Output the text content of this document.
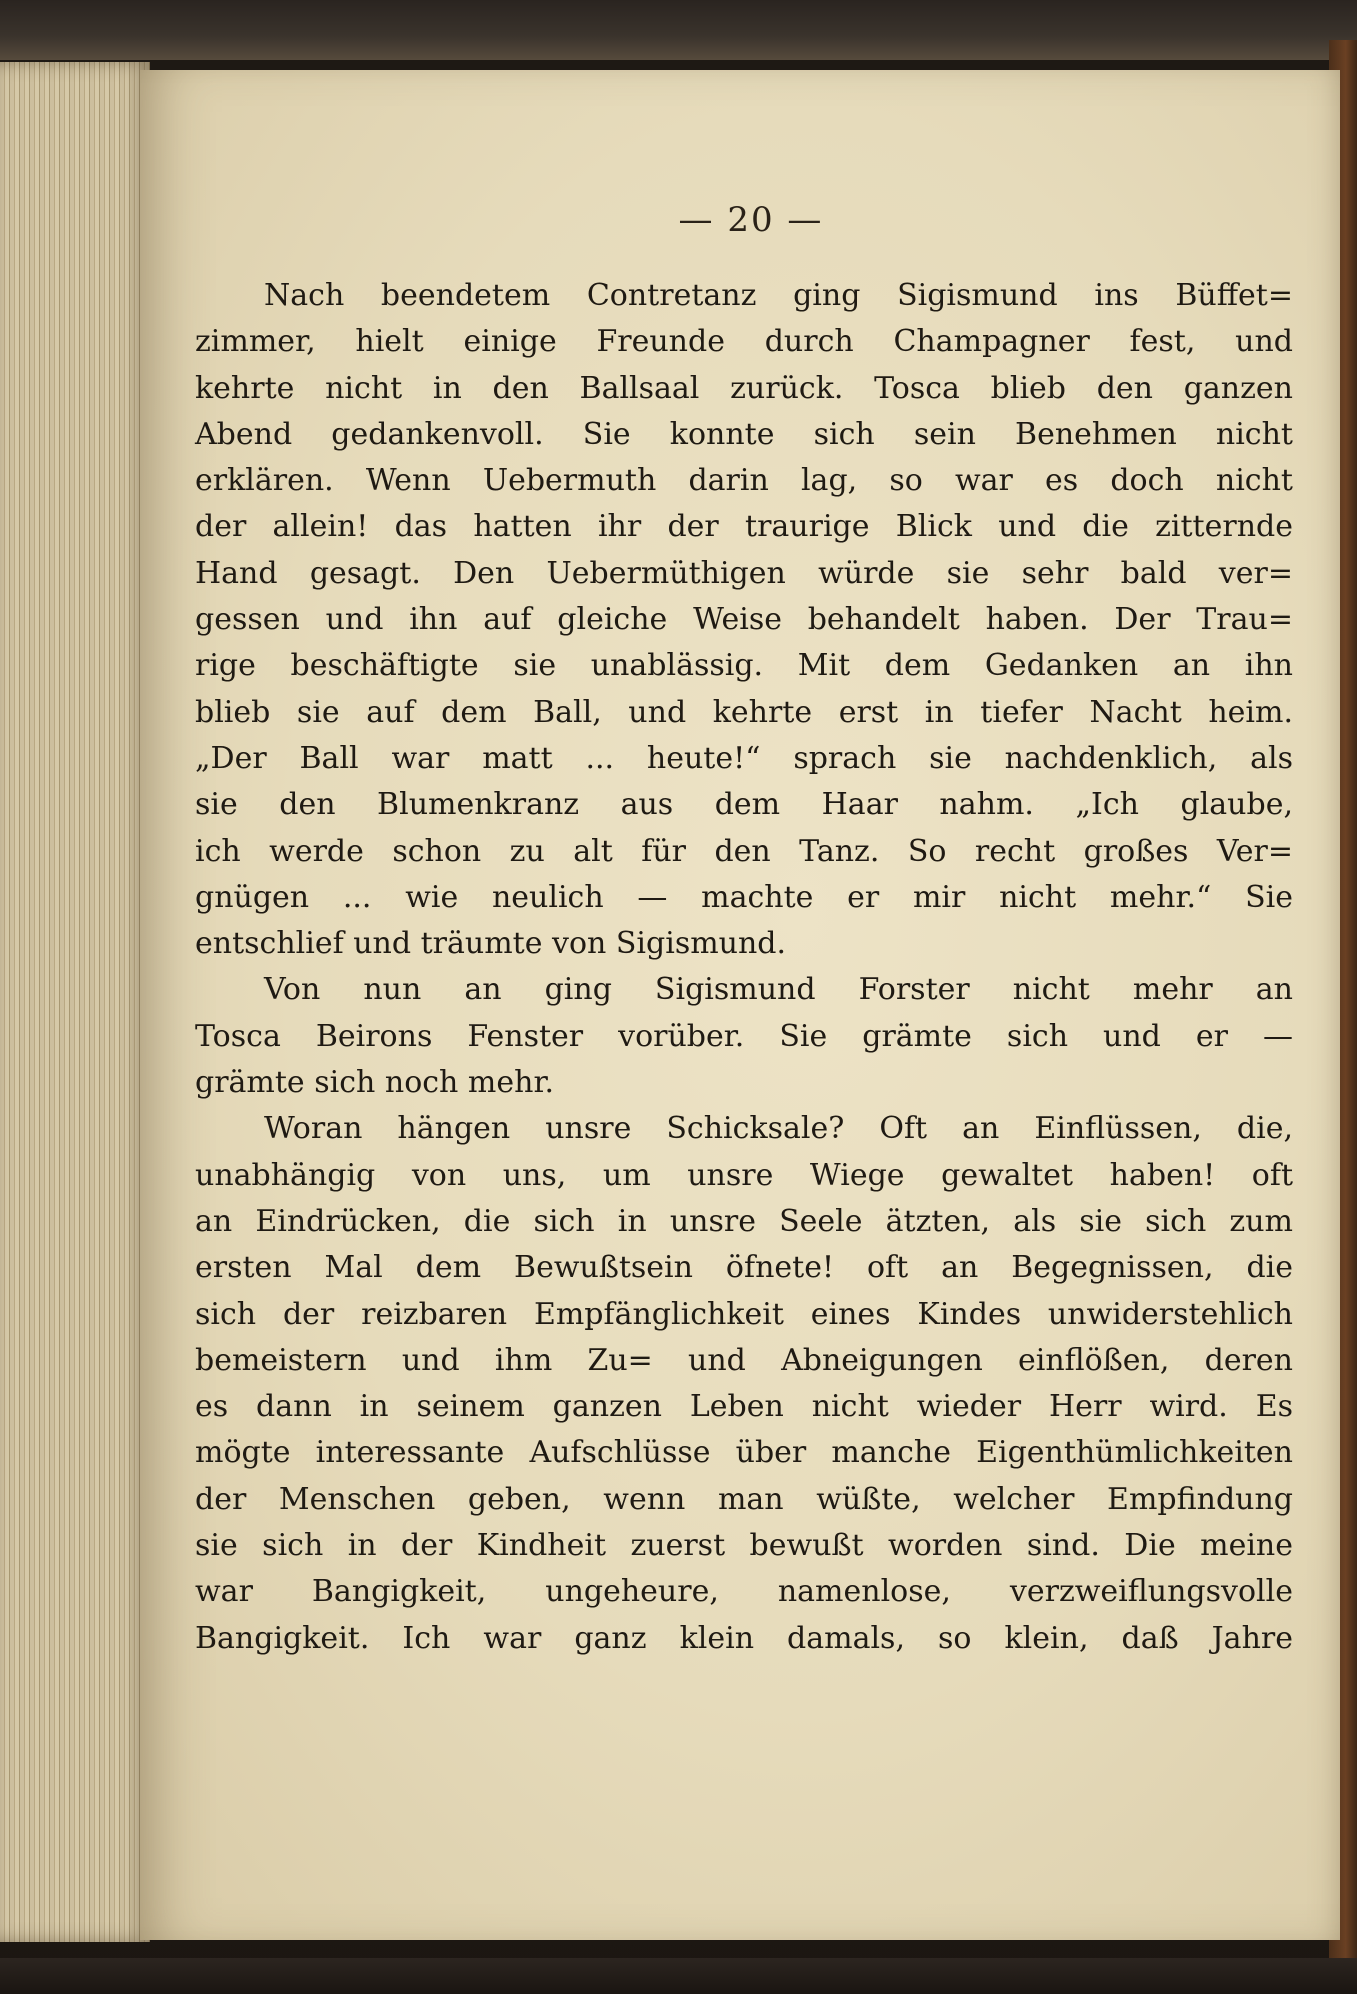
— 20 —
Nach beendetem Contretanz ging Sigismund ins Büffet=
zimmer, hielt einige Freunde durch Champagner fest, und
kehrte nicht in den Ballsaal zurück. Tosca blieb den ganzen
Abend gedankenvoll. Sie konnte sich sein Benehmen nicht
erklären. Wenn Uebermuth darin lag, so war es doch nicht
der allein! das hatten ihr der traurige Blick und die zitternde
Hand gesagt. Den Uebermüthigen würde sie sehr bald ver=
gessen und ihn auf gleiche Weise behandelt haben. Der Trau=
rige beschäftigte sie unablässig. Mit dem Gedanken an ihn
blieb sie auf dem Ball, und kehrte erst in tiefer Nacht heim.
„Der Ball war matt ... heute!“ sprach sie nachdenklich, als
sie den Blumenkranz aus dem Haar nahm. „Ich glaube,
ich werde schon zu alt für den Tanz. So recht großes Ver=
gnügen ... wie neulich — machte er mir nicht mehr.“ Sie
entschlief und träumte von Sigismund.
Von nun an ging Sigismund Forster nicht mehr an
Tosca Beirons Fenster vorüber. Sie grämte sich und er —
grämte sich noch mehr.
Woran hängen unsre Schicksale? Oft an Einflüssen, die,
unabhängig von uns, um unsre Wiege gewaltet haben! oft
an Eindrücken, die sich in unsre Seele ätzten, als sie sich zum
ersten Mal dem Bewußtsein öfnete! oft an Begegnissen, die
sich der reizbaren Empfänglichkeit eines Kindes unwiderstehlich
bemeistern und ihm Zu= und Abneigungen einflößen, deren
es dann in seinem ganzen Leben nicht wieder Herr wird. Es
mögte interessante Aufschlüsse über manche Eigenthümlichkeiten
der Menschen geben, wenn man wüßte, welcher Empfindung
sie sich in der Kindheit zuerst bewußt worden sind. Die meine
war Bangigkeit, ungeheure, namenlose, verzweiflungsvolle
Bangigkeit. Ich war ganz klein damals, so klein, daß Jahre
